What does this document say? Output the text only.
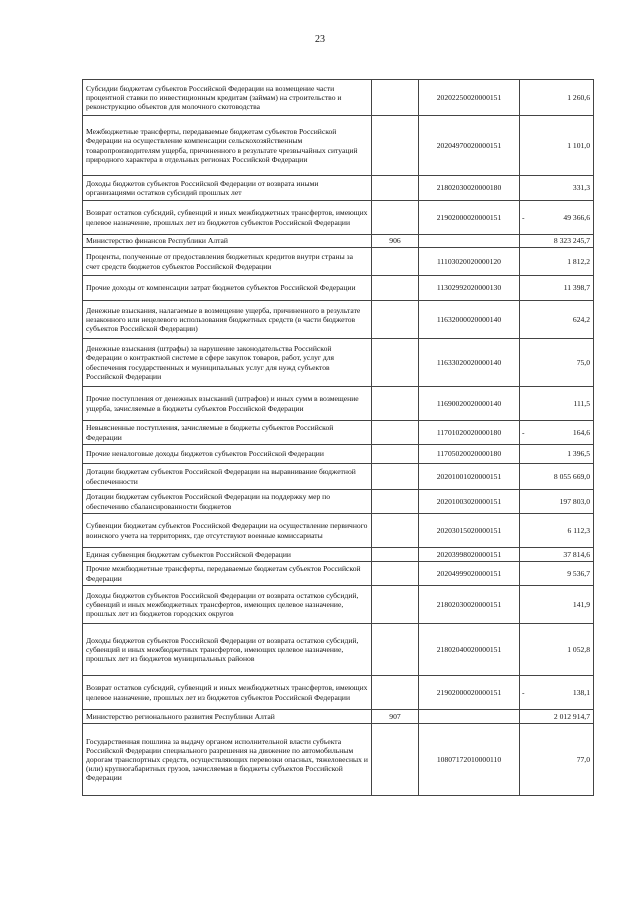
23
Субсидии бюджетам субъектов Российской Федерации на возмещение части процентной ставки по инвестиционным кредитам (займам) на строительство и реконструкцию объектов для молочного скотоводства		20202250020000151	1 260,6
Межбюджетные трансферты, передаваемые бюджетам субъектов Российской Федерации на осуществление компенсации сельскохозяйственным товаропроизводителям ущерба, причиненного в результате чрезвычайных ситуаций природного характера в отдельных регионах Российской Федерации		20204970020000151	1 101,0
Доходы бюджетов субъектов Российской Федерации от возврата иными организациями остатков субсидий прошлых лет		21802030020000180	331,3
Возврат остатков субсидий, субвенций и иных межбюджетных трансфертов, имеющих целевое назначение, прошлых лет из бюджетов субъектов Российской Федерации		21902000020000151	- 49 366,6
Министерство финансов Республики Алтай	906		8 323 245,7
Проценты, полученные от предоставления бюджетных кредитов внутри страны за счет средств бюджетов субъектов Российской Федерации		11103020020000120	1 812,2
Прочие доходы от компенсации затрат бюджетов субъектов Российской Федерации		11302992020000130	11 398,7
Денежные взыскания, налагаемые в возмещение ущерба, причиненного в результате незаконного или нецелевого использования бюджетных средств (в части бюджетов субъектов Российской Федерации)		11632000020000140	624,2
Денежные взыскания (штрафы) за нарушение законодательства Российской Федерации о контрактной системе в сфере закупок товаров, работ, услуг для обеспечения государственных и муниципальных услуг для нужд субъектов Российской Федерации		11633020020000140	75,0
Прочие поступления от денежных взысканий (штрафов) и иных сумм в возмещение ущерба, зачисляемые в бюджеты субъектов Российской Федерации		11690020020000140	111,5
Невыясненные поступления, зачисляемые в бюджеты субъектов Российской Федерации		11701020020000180	- 164,6
Прочие неналоговые доходы бюджетов субъектов Российской Федерации		11705020020000180	1 396,5
Дотации бюджетам субъектов Российской Федерации на выравнивание бюджетной обеспеченности		20201001020000151	8 055 669,0
Дотации бюджетам субъектов Российской Федерации на поддержку мер по обеспечению сбалансированности бюджетов		20201003020000151	197 803,0
Субвенции бюджетам субъектов Российской Федерации на осуществление первичного воинского учета на территориях, где отсутствуют военные комиссариаты		20203015020000151	6 112,3
Единая субвенция бюджетам субъектов Российской Федерации		20203998020000151	37 814,6
Прочие межбюджетные трансферты, передаваемые бюджетам субъектов Российской Федерации		20204999020000151	9 536,7
Доходы бюджетов субъектов Российской Федерации от возврата остатков субсидий, субвенций и иных межбюджетных трансфертов, имеющих целевое назначение, прошлых лет из бюджетов городских округов		21802030020000151	141,9
Доходы бюджетов субъектов Российской Федерации от возврата остатков субсидий, субвенций и иных межбюджетных трансфертов, имеющих целевое назначение, прошлых лет из бюджетов муниципальных районов		21802040020000151	1 052,8
Возврат остатков субсидий, субвенций и иных межбюджетных трансфертов, имеющих целевое назначение, прошлых лет из бюджетов субъектов Российской Федерации		21902000020000151	- 138,1
Министерство регионального развития Республики Алтай	907		2 012 914,7
Государственная пошлина за выдачу органом исполнительной власти субъекта Российской Федерации специального разрешения на движение по автомобильным дорогам транспортных средств, осуществляющих перевозки опасных, тяжеловесных и (или) крупногабаритных грузов, зачисляемая в бюджеты субъектов Российской Федерации		10807172010000110	77,0
